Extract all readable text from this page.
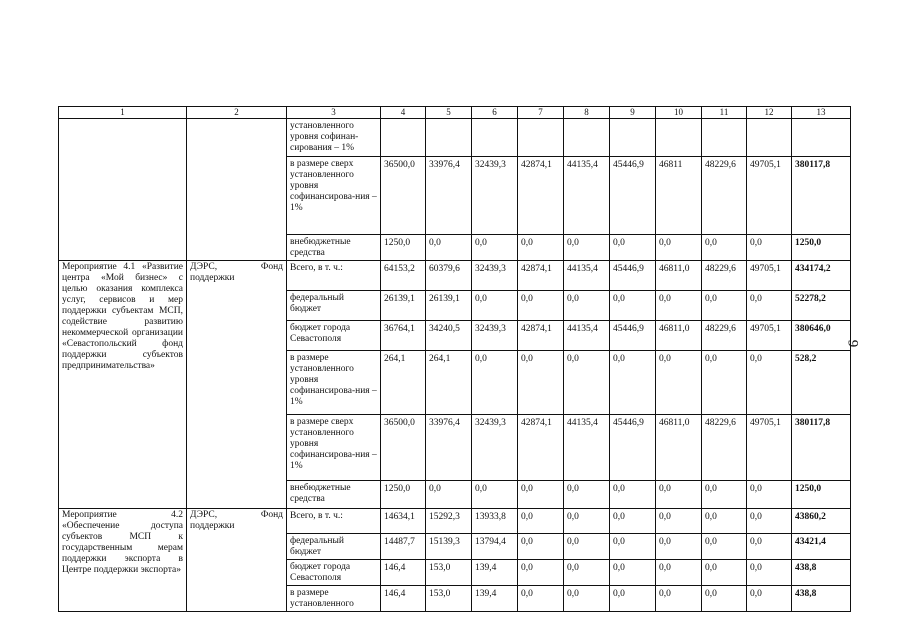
1	2	3	4	5	6	7	8	9	10	11	12	13
		установленного уровня софинан-сирования – 1%										
		в размере сверх установленного уровня софинансирова-ния – 1%	36500,0	33976,4	32439,3	42874,1	44135,4	45446,9	46811	48229,6	49705,1	380117,8
		внебюджетные средства	1250,0	0,0	0,0	0,0	0,0	0,0	0,0	0,0	0,0	1250,0
Мероприятие 4.1 «Развитие центра «Мой бизнес» с целью оказания комплекса услуг, сервисов и мер поддержки субъектам МСП, содействие развитию некоммерческой организации «Севастопольский фонд поддержки субъектов предпринимательства»	ДЭРС, Фонд поддержки	Всего, в т. ч.:	64153,2	60379,6	32439,3	42874,1	44135,4	45446,9	46811,0	48229,6	49705,1	434174,2
		федеральный бюджет	26139,1	26139,1	0,0	0,0	0,0	0,0	0,0	0,0	0,0	52278,2
		бюджет города Севастополя	36764,1	34240,5	32439,3	42874,1	44135,4	45446,9	46811,0	48229,6	49705,1	380646,0
		в размере установленного уровня софинансирова-ния – 1%	264,1	264,1	0,0	0,0	0,0	0,0	0,0	0,0	0,0	528,2
		в размере сверх установленного уровня софинансирова-ния – 1%	36500,0	33976,4	32439,3	42874,1	44135,4	45446,9	46811,0	48229,6	49705,1	380117,8
		внебюджетные средства	1250,0	0,0	0,0	0,0	0,0	0,0	0,0	0,0	0,0	1250,0
Мероприятие 4.2 «Обеспечение доступа субъектов МСП к государственным мерам поддержки экспорта в Центре поддержки экспорта»	ДЭРС, Фонд поддержки	Всего, в т. ч.:	14634,1	15292,3	13933,8	0,0	0,0	0,0	0,0	0,0	0,0	43860,2
		федеральный бюджет	14487,7	15139,3	13794,4	0,0	0,0	0,0	0,0	0,0	0,0	43421,4
		бюджет города Севастополя	146,4	153,0	139,4	0,0	0,0	0,0	0,0	0,0	0,0	438,8
		в размере установленного	146,4	153,0	139,4	0,0	0,0	0,0	0,0	0,0	0,0	438,8
9
